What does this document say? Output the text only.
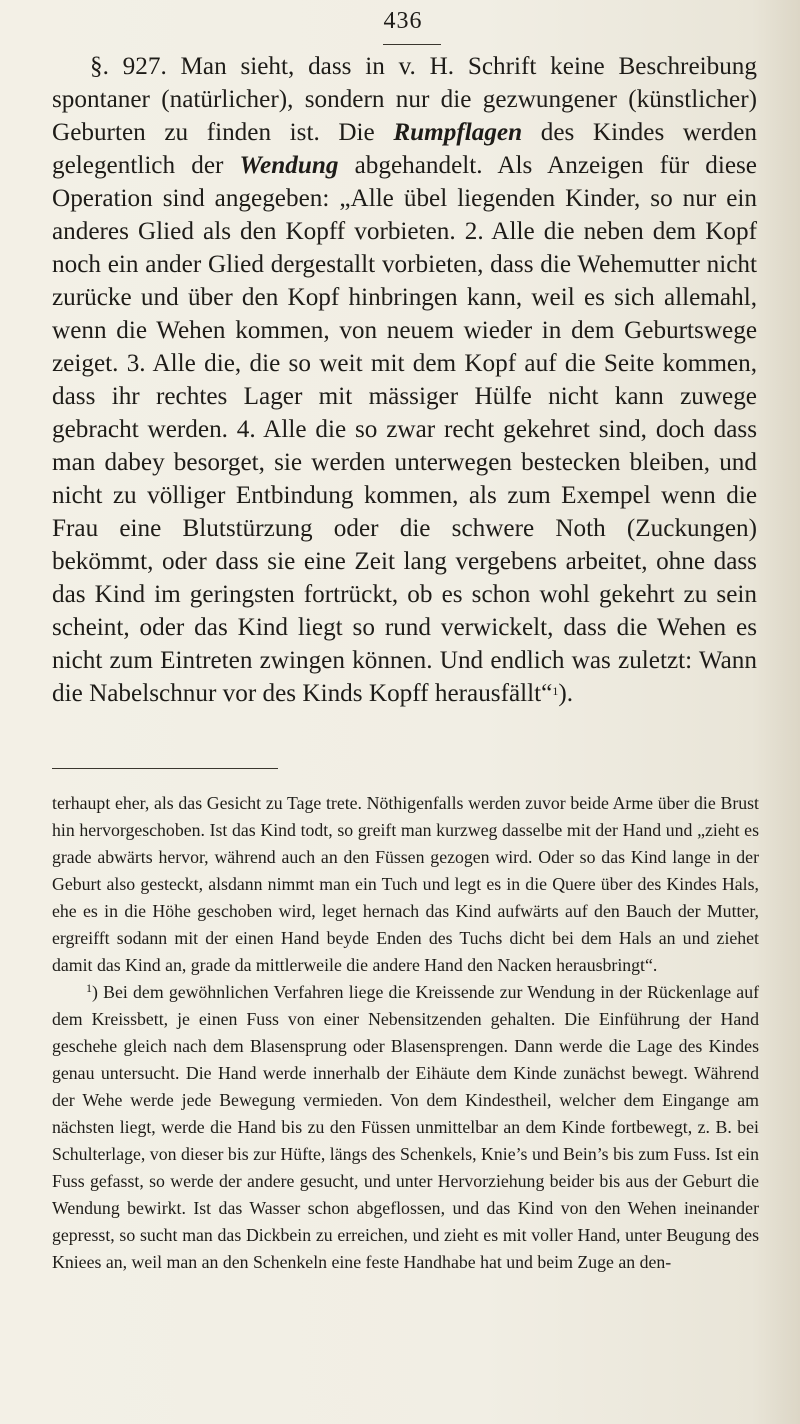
436

§. 927. Man sieht, dass in v. H. Schrift keine Beschreibung spontaner (natürlicher), sondern nur die gezwungener (künstlicher) Geburten zu finden ist. Die Rumpflagen des Kindes werden gelegentlich der Wendung abgehandelt. Als Anzeigen für diese Operation sind angegeben: „Alle übel liegenden Kinder, so nur ein anderes Glied als den Kopff vorbieten. 2. Alle die neben dem Kopf noch ein ander Glied dergestallt vorbieten, dass die Wehemutter nicht zurücke und über den Kopf hinbringen kann, weil es sich allemahl, wenn die Wehen kommen, von neuem wieder in dem Geburtswege zeiget. 3. Alle die, die so weit mit dem Kopf auf die Seite kommen, dass ihr rechtes Lager mit mässiger Hülfe nicht kann zuwege gebracht werden. 4. Alle die so zwar recht gekehret sind, doch dass man dabey besorget, sie werden unterwegen bestecken bleiben, und nicht zu völliger Entbindung kommen, als zum Exempel wenn die Frau eine Blutstürzung oder die schwere Noth (Zuckungen) bekömmt, oder dass sie eine Zeit lang vergebens arbeitet, ohne dass das Kind im geringsten fortrückt, ob es schon wohl gekehrt zu sein scheint, oder das Kind liegt so rund verwickelt, dass die Wehen es nicht zum Eintreten zwingen können. Und endlich was zuletzt: Wann die Nabelschnur vor des Kinds Kopff herausfällt“$^1$).

terhaupt eher, als das Gesicht zu Tage trete. Nöthigenfalls werden zuvor beide Arme über die Brust hin hervorgeschoben. Ist das Kind todt, so greift man kurzweg dasselbe mit der Hand und „zieht es grade abwärts hervor, während auch an den Füssen gezogen wird. Oder so das Kind lange in der Geburt also gesteckt, alsdann nimmt man ein Tuch und legt es in die Quere über des Kindes Hals, ehe es in die Höhe geschoben wird, leget hernach das Kind aufwärts auf den Bauch der Mutter, ergreifft sodann mit der einen Hand beyde Enden des Tuchs dicht bei dem Hals an und ziehet damit das Kind an, grade da mittlerweile die andere Hand den Nacken herausbringt“.

$^1$) Bei dem gewöhnlichen Verfahren liege die Kreissende zur Wendung in der Rückenlage auf dem Kreissbett, je einen Fuss von einer Nebensitzenden gehalten. Die Einführung der Hand geschehe gleich nach dem Blasensprung oder Blasensprengen. Dann werde die Lage des Kindes genau untersucht. Die Hand werde innerhalb der Eihäute dem Kinde zunächst bewegt. Während der Wehe werde jede Bewegung vermieden. Von dem Kindestheil, welcher dem Eingange am nächsten liegt, werde die Hand bis zu den Füssen unmittelbar an dem Kinde fortbewegt, z. B. bei Schulterlage, von dieser bis zur Hüfte, längs des Schenkels, Knie’s und Bein’s bis zum Fuss. Ist ein Fuss gefasst, so werde der andere gesucht, und unter Hervorziehung beider bis aus der Geburt die Wendung bewirkt. Ist das Wasser schon abgeflossen, und das Kind von den Wehen ineinander gepresst, so sucht man das Dickbein zu erreichen, und zieht es mit voller Hand, unter Beugung des Kniees an, weil man an den Schenkeln eine feste Handhabe hat und beim Zuge an den-
